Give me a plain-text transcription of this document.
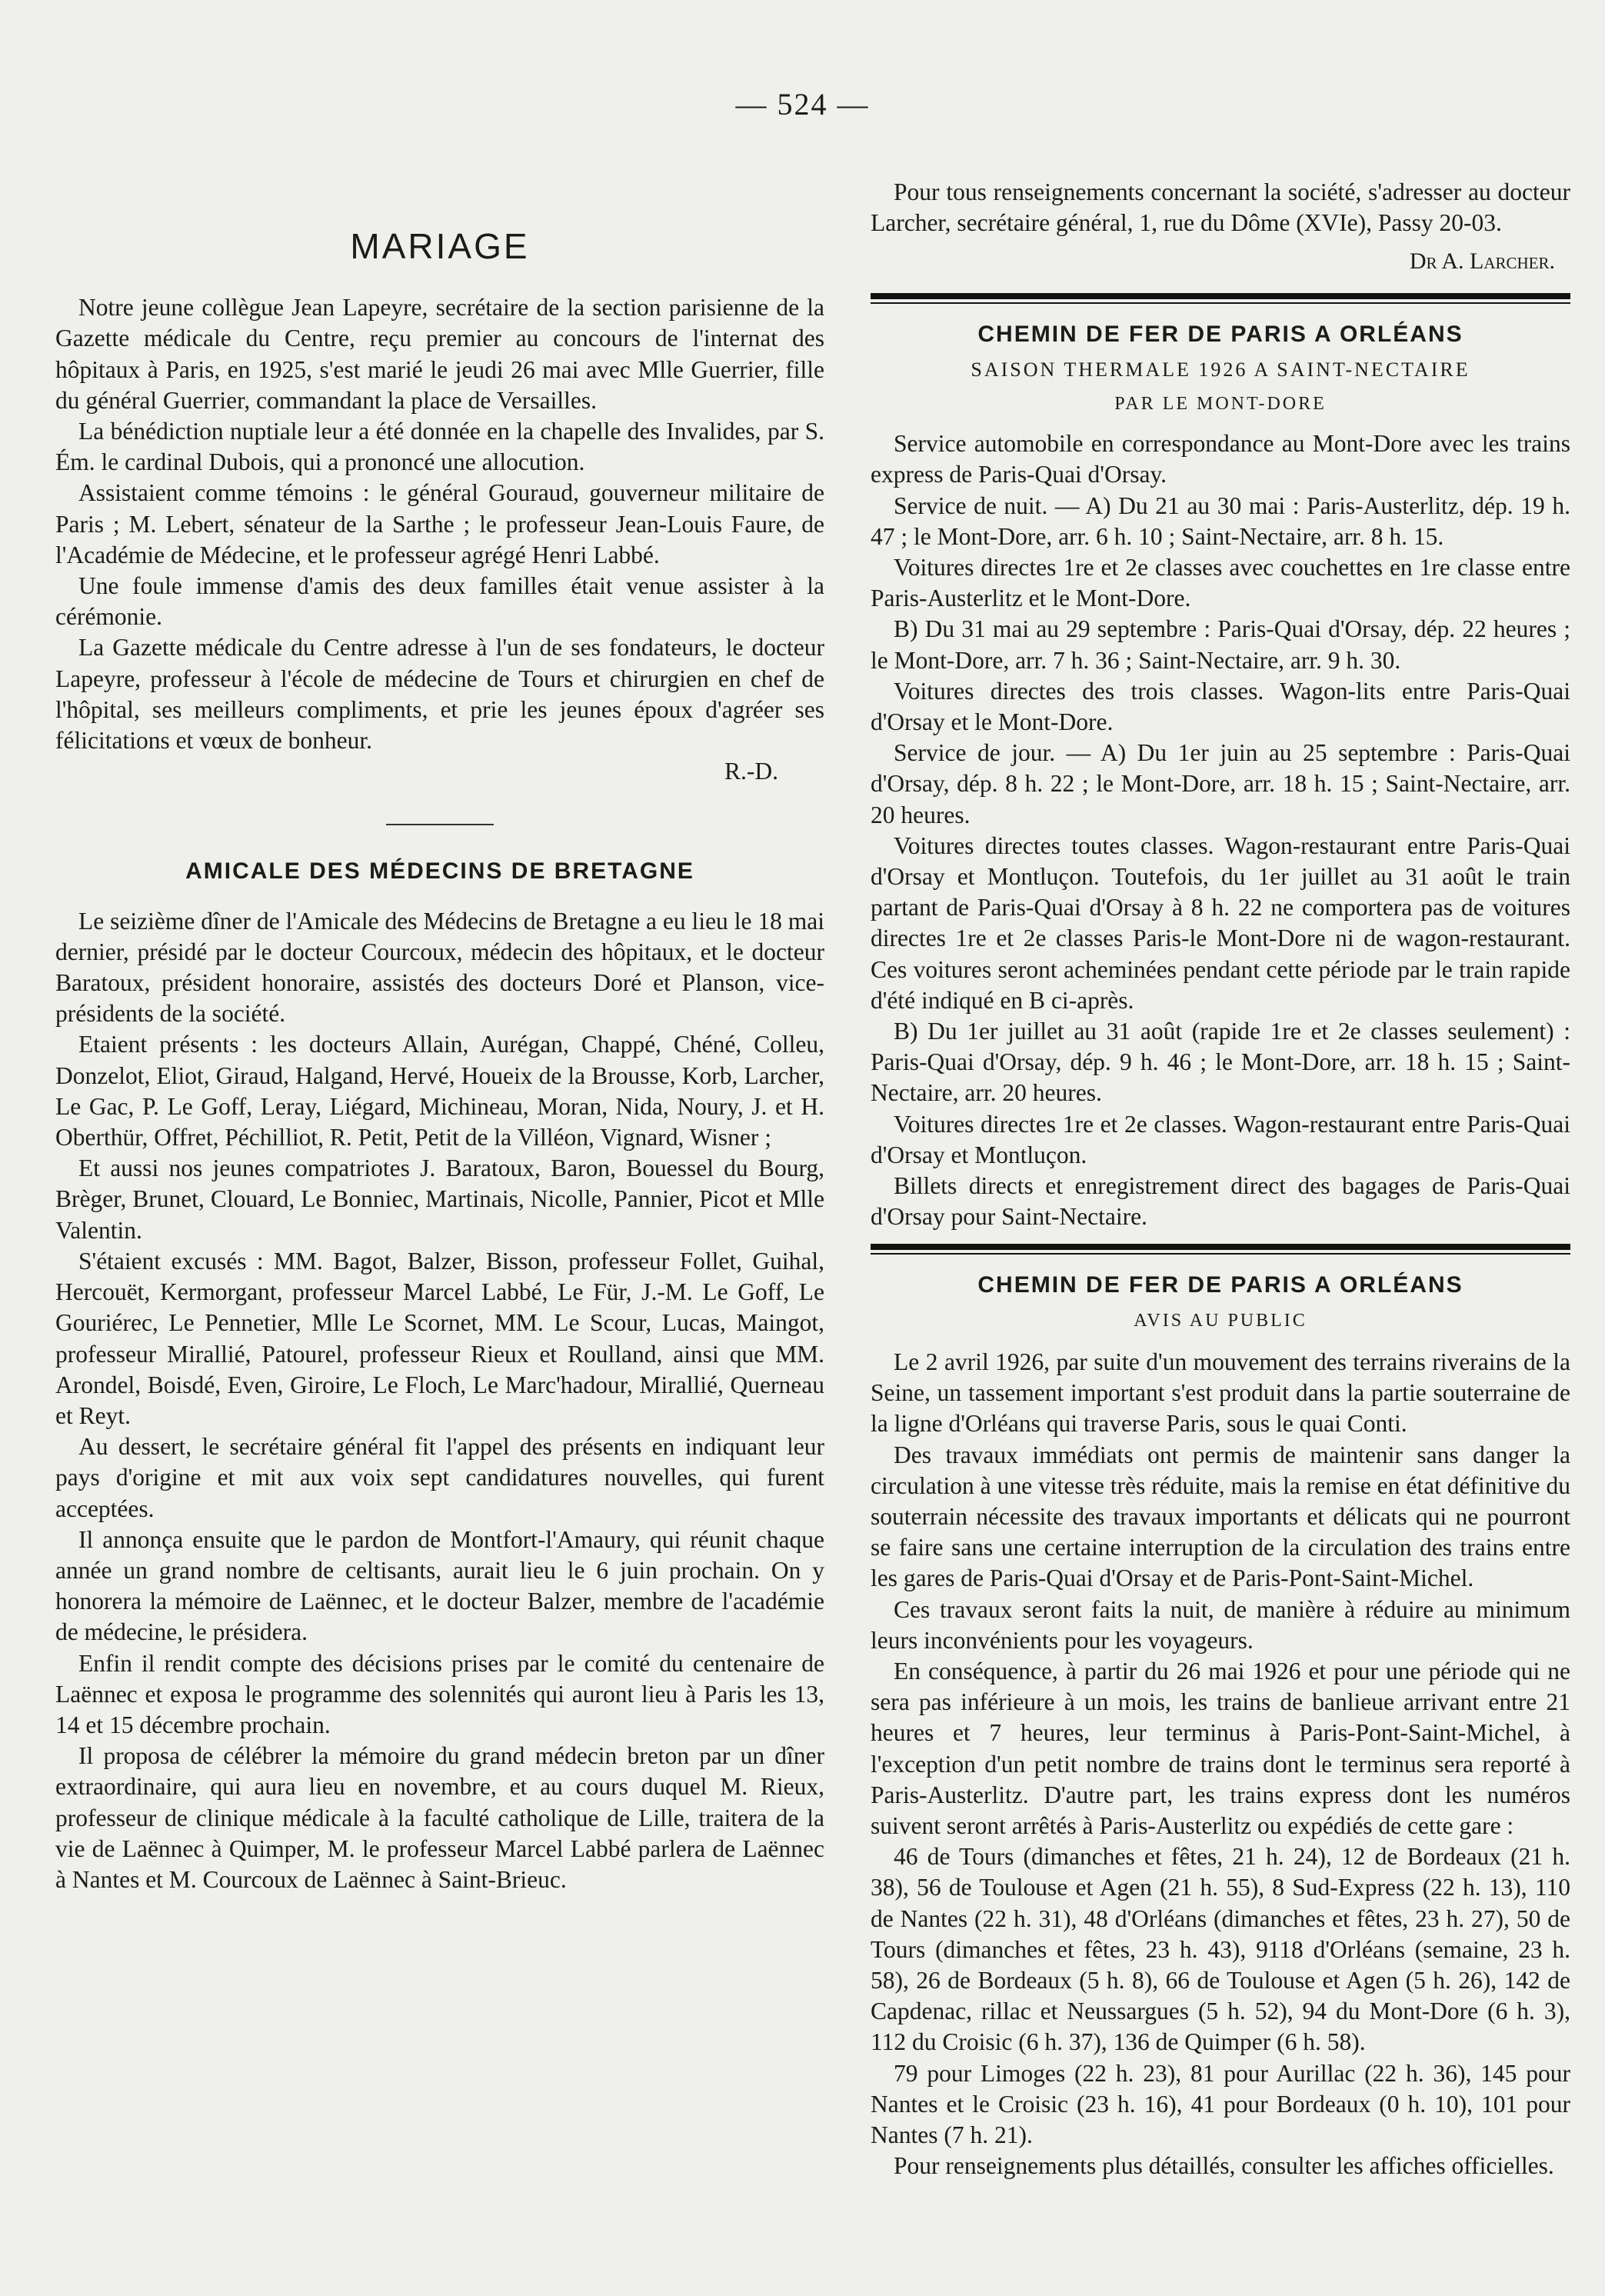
— 524 —
MARIAGE

Notre jeune collègue Jean Lapeyre, secrétaire de la section parisienne de la Gazette médicale du Centre, reçu premier au concours de l'internat des hôpitaux à Paris, en 1925, s'est marié le jeudi 26 mai avec Mlle Guerrier, fille du général Guerrier, commandant la place de Versailles.

La bénédiction nuptiale leur a été donnée en la chapelle des Invalides, par S. Ém. le cardinal Dubois, qui a prononcé une allocution.

Assistaient comme témoins : le général Gouraud, gouverneur militaire de Paris ; M. Lebert, sénateur de la Sarthe ; le professeur Jean-Louis Faure, de l'Académie de Médecine, et le professeur agrégé Henri Labbé.

Une foule immense d'amis des deux familles était venue assister à la cérémonie.

La Gazette médicale du Centre adresse à l'un de ses fondateurs, le docteur Lapeyre, professeur à l'école de médecine de Tours et chirurgien en chef de l'hôpital, ses meilleurs compliments, et prie les jeunes époux d'agréer ses félicitations et vœux de bonheur.

R.-D.

AMICALE DES MÉDECINS DE BRETAGNE

Le seizième dîner de l'Amicale des Médecins de Bretagne a eu lieu le 18 mai dernier, présidé par le docteur Courcoux, médecin des hôpitaux, et le docteur Baratoux, président honoraire, assistés des docteurs Doré et Planson, vice-présidents de la société.

Etaient présents : les docteurs Allain, Aurégan, Chappé, Chéné, Colleu, Donzelot, Eliot, Giraud, Halgand, Hervé, Houeix de la Brousse, Korb, Larcher, Le Gac, P. Le Goff, Leray, Liégard, Michineau, Moran, Nida, Noury, J. et H. Oberthür, Offret, Péchilliot, R. Petit, Petit de la Villéon, Vignard, Wisner ;

Et aussi nos jeunes compatriotes J. Baratoux, Baron, Bouessel du Bourg, Brèger, Brunet, Clouard, Le Bonniec, Martinais, Nicolle, Pannier, Picot et Mlle Valentin.

S'étaient excusés : MM. Bagot, Balzer, Bisson, professeur Follet, Guihal, Hercouët, Kermorgant, professeur Marcel Labbé, Le Für, J.-M. Le Goff, Le Gouriérec, Le Pennetier, Mlle Le Scornet, MM. Le Scour, Lucas, Maingot, professeur Mirallié, Patourel, professeur Rieux et Roulland, ainsi que MM. Arondel, Boisdé, Even, Giroire, Le Floch, Le Marc'hadour, Mirallié, Querneau et Reyt.

Au dessert, le secrétaire général fit l'appel des présents en indiquant leur pays d'origine et mit aux voix sept candidatures nouvelles, qui furent acceptées.

Il annonça ensuite que le pardon de Montfort-l'Amaury, qui réunit chaque année un grand nombre de celtisants, aurait lieu le 6 juin prochain. On y honorera la mémoire de Laënnec, et le docteur Balzer, membre de l'académie de médecine, le présidera.

Enfin il rendit compte des décisions prises par le comité du centenaire de Laënnec et exposa le programme des solennités qui auront lieu à Paris les 13, 14 et 15 décembre prochain.

Il proposa de célébrer la mémoire du grand médecin breton par un dîner extraordinaire, qui aura lieu en novembre, et au cours duquel M. Rieux, professeur de clinique médicale à la faculté catholique de Lille, traitera de la vie de Laënnec à Quimper, M. le professeur Marcel Labbé parlera de Laënnec à Nantes et M. Courcoux de Laënnec à Saint-Brieuc.

Pour tous renseignements concernant la société, s'adresser au docteur Larcher, secrétaire général, 1, rue du Dôme (XVIe), Passy 20-03.

Dr A. Larcher.

CHEMIN DE FER DE PARIS A ORLÉANS
SAISON THERMALE 1926 A SAINT-NECTAIRE
PAR LE MONT-DORE

Service automobile en correspondance au Mont-Dore avec les trains express de Paris-Quai d'Orsay.

Service de nuit. — A) Du 21 au 30 mai : Paris-Austerlitz, dép. 19 h. 47 ; le Mont-Dore, arr. 6 h. 10 ; Saint-Nectaire, arr. 8 h. 15.

Voitures directes 1re et 2e classes avec couchettes en 1re classe entre Paris-Austerlitz et le Mont-Dore.

B) Du 31 mai au 29 septembre : Paris-Quai d'Orsay, dép. 22 heures ; le Mont-Dore, arr. 7 h. 36 ; Saint-Nectaire, arr. 9 h. 30.

Voitures directes des trois classes. Wagon-lits entre Paris-Quai d'Orsay et le Mont-Dore.

Service de jour. — A) Du 1er juin au 25 septembre : Paris-Quai d'Orsay, dép. 8 h. 22 ; le Mont-Dore, arr. 18 h. 15 ; Saint-Nectaire, arr. 20 heures.

Voitures directes toutes classes. Wagon-restaurant entre Paris-Quai d'Orsay et Montluçon. Toutefois, du 1er juillet au 31 août le train partant de Paris-Quai d'Orsay à 8 h. 22 ne comportera pas de voitures directes 1re et 2e classes Paris-le Mont-Dore ni de wagon-restaurant. Ces voitures seront acheminées pendant cette période par le train rapide d'été indiqué en B ci-après.

B) Du 1er juillet au 31 août (rapide 1re et 2e classes seulement) : Paris-Quai d'Orsay, dép. 9 h. 46 ; le Mont-Dore, arr. 18 h. 15 ; Saint-Nectaire, arr. 20 heures.

Voitures directes 1re et 2e classes. Wagon-restaurant entre Paris-Quai d'Orsay et Montluçon.

Billets directs et enregistrement direct des bagages de Paris-Quai d'Orsay pour Saint-Nectaire.

CHEMIN DE FER DE PARIS A ORLÉANS
AVIS AU PUBLIC

Le 2 avril 1926, par suite d'un mouvement des terrains riverains de la Seine, un tassement important s'est produit dans la partie souterraine de la ligne d'Orléans qui traverse Paris, sous le quai Conti.

Des travaux immédiats ont permis de maintenir sans danger la circulation à une vitesse très réduite, mais la remise en état définitive du souterrain nécessite des travaux importants et délicats qui ne pourront se faire sans une certaine interruption de la circulation des trains entre les gares de Paris-Quai d'Orsay et de Paris-Pont-Saint-Michel.

Ces travaux seront faits la nuit, de manière à réduire au minimum leurs inconvénients pour les voyageurs.

En conséquence, à partir du 26 mai 1926 et pour une période qui ne sera pas inférieure à un mois, les trains de banlieue arrivant entre 21 heures et 7 heures, leur terminus à Paris-Pont-Saint-Michel, à l'exception d'un petit nombre de trains dont le terminus sera reporté à Paris-Austerlitz. D'autre part, les trains express dont les numéros suivent seront arrêtés à Paris-Austerlitz ou expédiés de cette gare :

46 de Tours (dimanches et fêtes, 21 h. 24), 12 de Bordeaux (21 h. 38), 56 de Toulouse et Agen (21 h. 55), 8 Sud-Express (22 h. 13), 110 de Nantes (22 h. 31), 48 d'Orléans (dimanches et fêtes, 23 h. 27), 50 de Tours (dimanches et fêtes, 23 h. 43), 9118 d'Orléans (semaine, 23 h. 58), 26 de Bordeaux (5 h. 8), 66 de Toulouse et Agen (5 h. 26), 142 de Capdenac, rillac et Neussargues (5 h. 52), 94 du Mont-Dore (6 h. 3), 112 du Croisic (6 h. 37), 136 de Quimper (6 h. 58).

79 pour Limoges (22 h. 23), 81 pour Aurillac (22 h. 36), 145 pour Nantes et le Croisic (23 h. 16), 41 pour Bordeaux (0 h. 10), 101 pour Nantes (7 h. 21).

Pour renseignements plus détaillés, consulter les affiches officielles.
